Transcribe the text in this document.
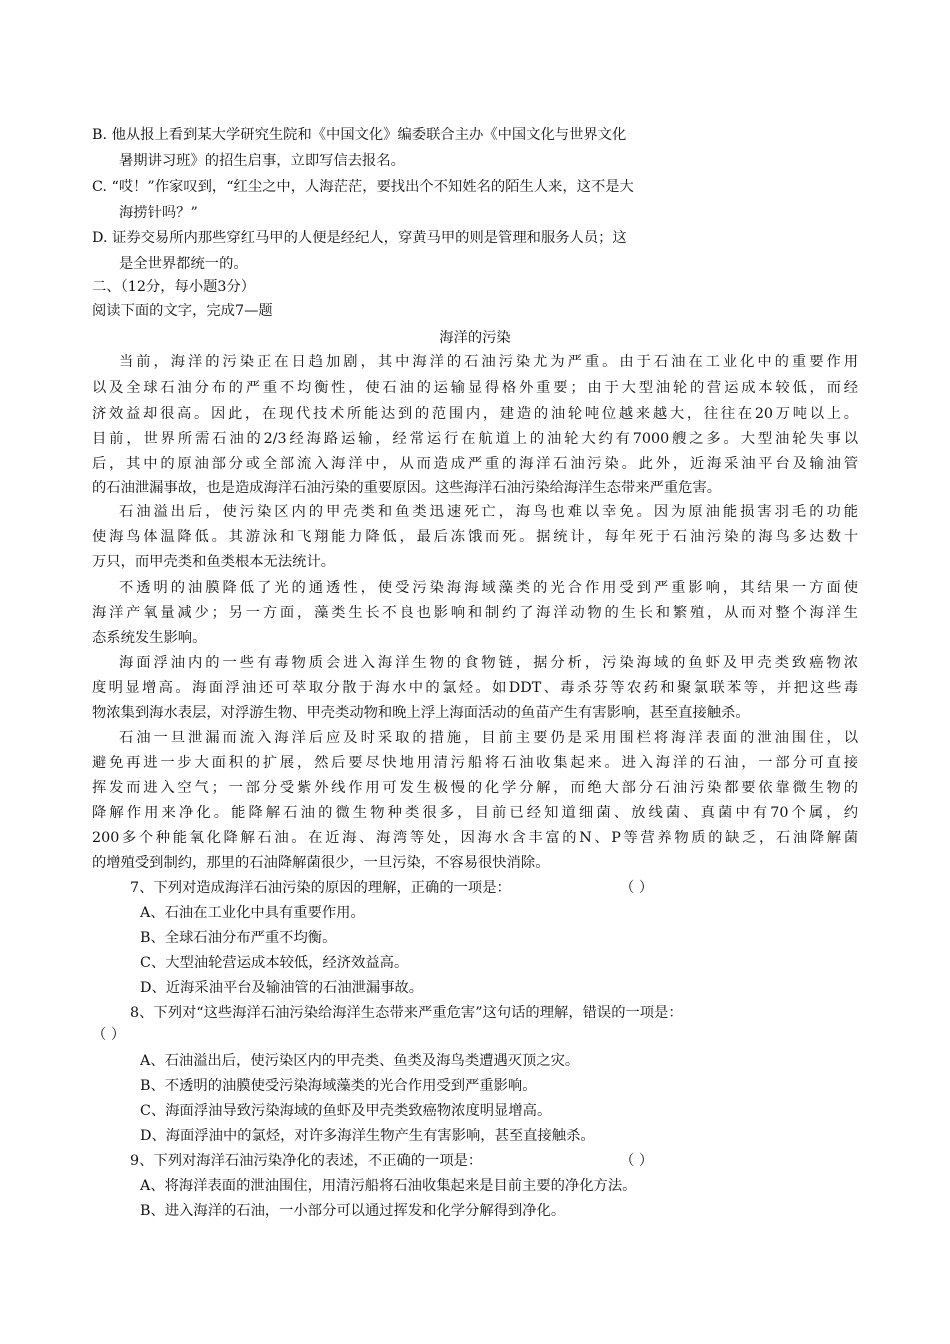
B. 他从报上看到某大学研究生院和《中国文化》编委联合主办《中国文化与世界文化
暑期讲习班》的招生启事，立即写信去报名。
C. “哎！”作家叹到，“红尘之中，人海茫茫，要找出个不知姓名的陌生人来，这不是大
海捞针吗？”
D. 证券交易所内那些穿红马甲的人便是经纪人，穿黄马甲的则是管理和服务人员；这
是全世界都统一的。
二、（12分，每小题3分）
阅读下面的文字，完成7—题
海洋的污染
当前，海洋的污染正在日趋加剧，其中海洋的石油污染尤为严重。由于石油在工业化中的重要作用
以及全球石油分布的严重不均衡性，使石油的运输显得格外重要；由于大型油轮的营运成本较低，而经
济效益却很高。因此，在现代技术所能达到的范围内，建造的油轮吨位越来越大，往往在20万吨以上。
目前，世界所需石油的2/3经海路运输，经常运行在航道上的油轮大约有7000艘之多。大型油轮失事以
后，其中的原油部分或全部流入海洋中，从而造成严重的海洋石油污染。此外，近海采油平台及输油管
的石油泄漏事故，也是造成海洋石油污染的重要原因。这些海洋石油污染给海洋生态带来严重危害。
石油溢出后，使污染区内的甲壳类和鱼类迅速死亡，海鸟也难以幸免。因为原油能损害羽毛的功能
使海鸟体温降低。其游泳和飞翔能力降低，最后冻饿而死。据统计，每年死于石油污染的海鸟多达数十
万只，而甲壳类和鱼类根本无法统计。
不透明的油膜降低了光的通透性，使受污染海海域藻类的光合作用受到严重影响，其结果一方面使
海洋产氧量减少；另一方面，藻类生长不良也影响和制约了海洋动物的生长和繁殖，从而对整个海洋生
态系统发生影响。
海面浮油内的一些有毒物质会进入海洋生物的食物链，据分析，污染海域的鱼虾及甲壳类致癌物浓
度明显增高。海面浮油还可萃取分散于海水中的氯烃。如DDT、毒杀芬等农药和聚氯联苯等，并把这些毒
物浓集到海水表层，对浮游生物、甲壳类动物和晚上浮上海面活动的鱼苗产生有害影响，甚至直接触杀。
石油一旦泄漏而流入海洋后应及时采取的措施，目前主要仍是采用围栏将海洋表面的泄油围住，以
避免再进一步大面积的扩展，然后要尽快地用清污船将石油收集起来。进入海洋的石油，一部分可直接
挥发而进入空气；一部分受紫外线作用可发生极慢的化学分解，而绝大部分石油污染都要依靠微生物的
降解作用来净化。能降解石油的微生物种类很多，目前已经知道细菌、放线菌、真菌中有70个属，约
200多个种能氧化降解石油。在近海、海湾等处，因海水含丰富的N、P等营养物质的缺乏，石油降解菌
的增殖受到制约，那里的石油降解菌很少，一旦污染，不容易很快消除。
7、下列对造成海洋石油污染的原因的理解，正确的一项是：	（ ）
A、石油在工业化中具有重要作用。
B、全球石油分布严重不均衡。
C、大型油轮营运成本较低，经济效益高。
D、近海采油平台及输油管的石油泄漏事故。
8、下列对“这些海洋石油污染给海洋生态带来严重危害”这句话的理解，错误的一项是：
（ ）
A、石油溢出后，使污染区内的甲壳类、鱼类及海鸟类遭遇灭顶之灾。
B、不透明的油膜使受污染海域藻类的光合作用受到严重影响。
C、海面浮油导致污染海域的鱼虾及甲壳类致癌物浓度明显增高。
D、海面浮油中的氯烃，对许多海洋生物产生有害影响，甚至直接触杀。
9、下列对海洋石油污染净化的表述，不正确的一项是：	（ ）
A、将海洋表面的泄油围住，用清污船将石油收集起来是目前主要的净化方法。
B、进入海洋的石油，一小部分可以通过挥发和化学分解得到净化。
